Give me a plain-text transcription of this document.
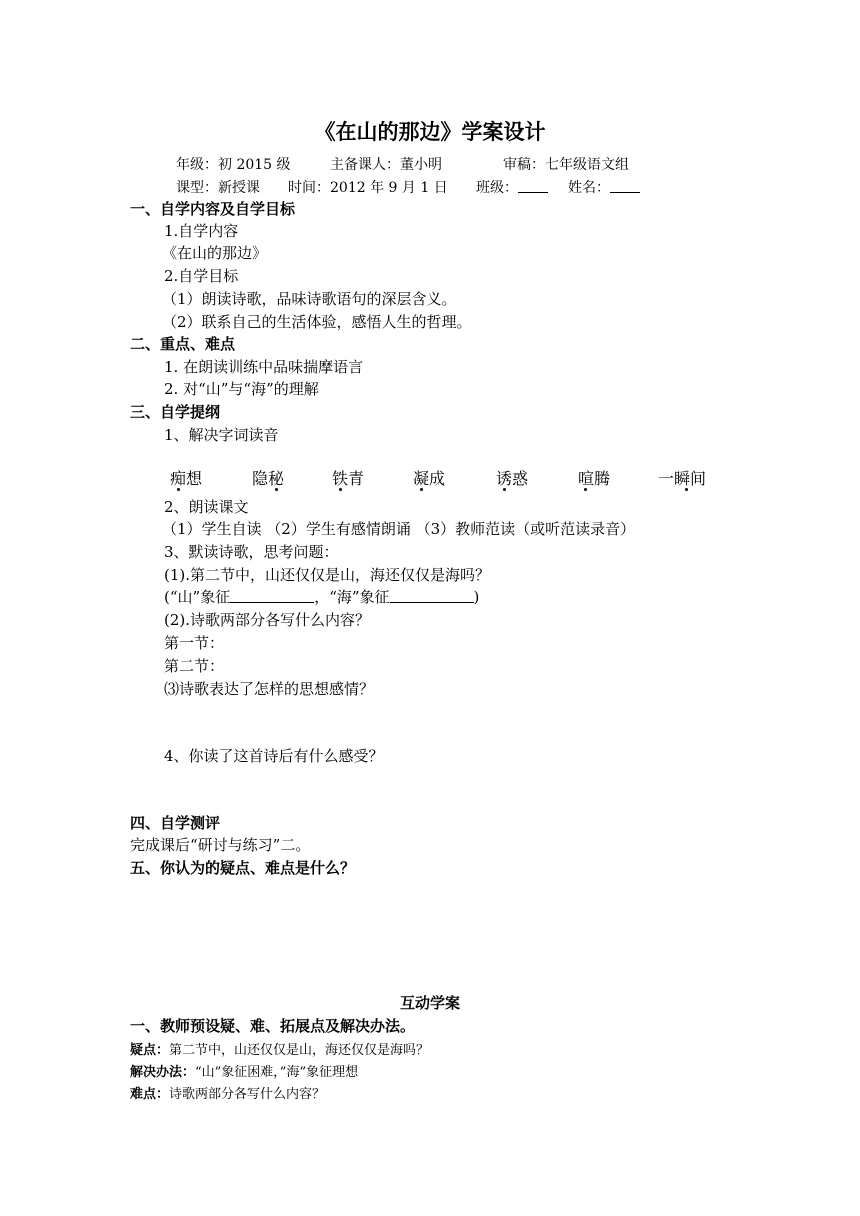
《在山的那边》学案设计
年级：初 2015 级	主备课人：董小明	审稿：七年级语文组
课型：新授课 时间：2012 年 9 月 1 日 班级：	姓名：
一、自学内容及自学目标
1.自学内容
《在山的那边》
2.自学目标
（1）朗读诗歌，品味诗歌语句的深层含义。
（2）联系自己的生活体验，感悟人生的哲理。
二、重点、难点
1. 在朗读训练中品味揣摩语言
2. 对“山”与“海”的理解
三、自学提纲
1、解决字词读音
痴想	隐秘	铁青	凝成	诱惑	喧腾	一瞬间
2、朗读课文
（1）学生自读 （2）学生有感情朗诵 （3）教师范读（或听范读录音）
3、默读诗歌，思考问题：
(1).第二节中，山还仅仅是山，海还仅仅是海吗？
(“山”象征	，“海”象征	)
(2).诗歌两部分各写什么内容？
第一节：
第二节：
⑶诗歌表达了怎样的思想感情？
4、你读了这首诗后有什么感受？
四、自学测评
完成课后“研讨与练习”二。
五、你认为的疑点、难点是什么？
互动学案
一、教师预设疑、难、拓展点及解决办法。
疑点：第二节中，山还仅仅是山，海还仅仅是海吗？
解决办法：“山”象征困难，”海”象征理想
难点：诗歌两部分各写什么内容？
